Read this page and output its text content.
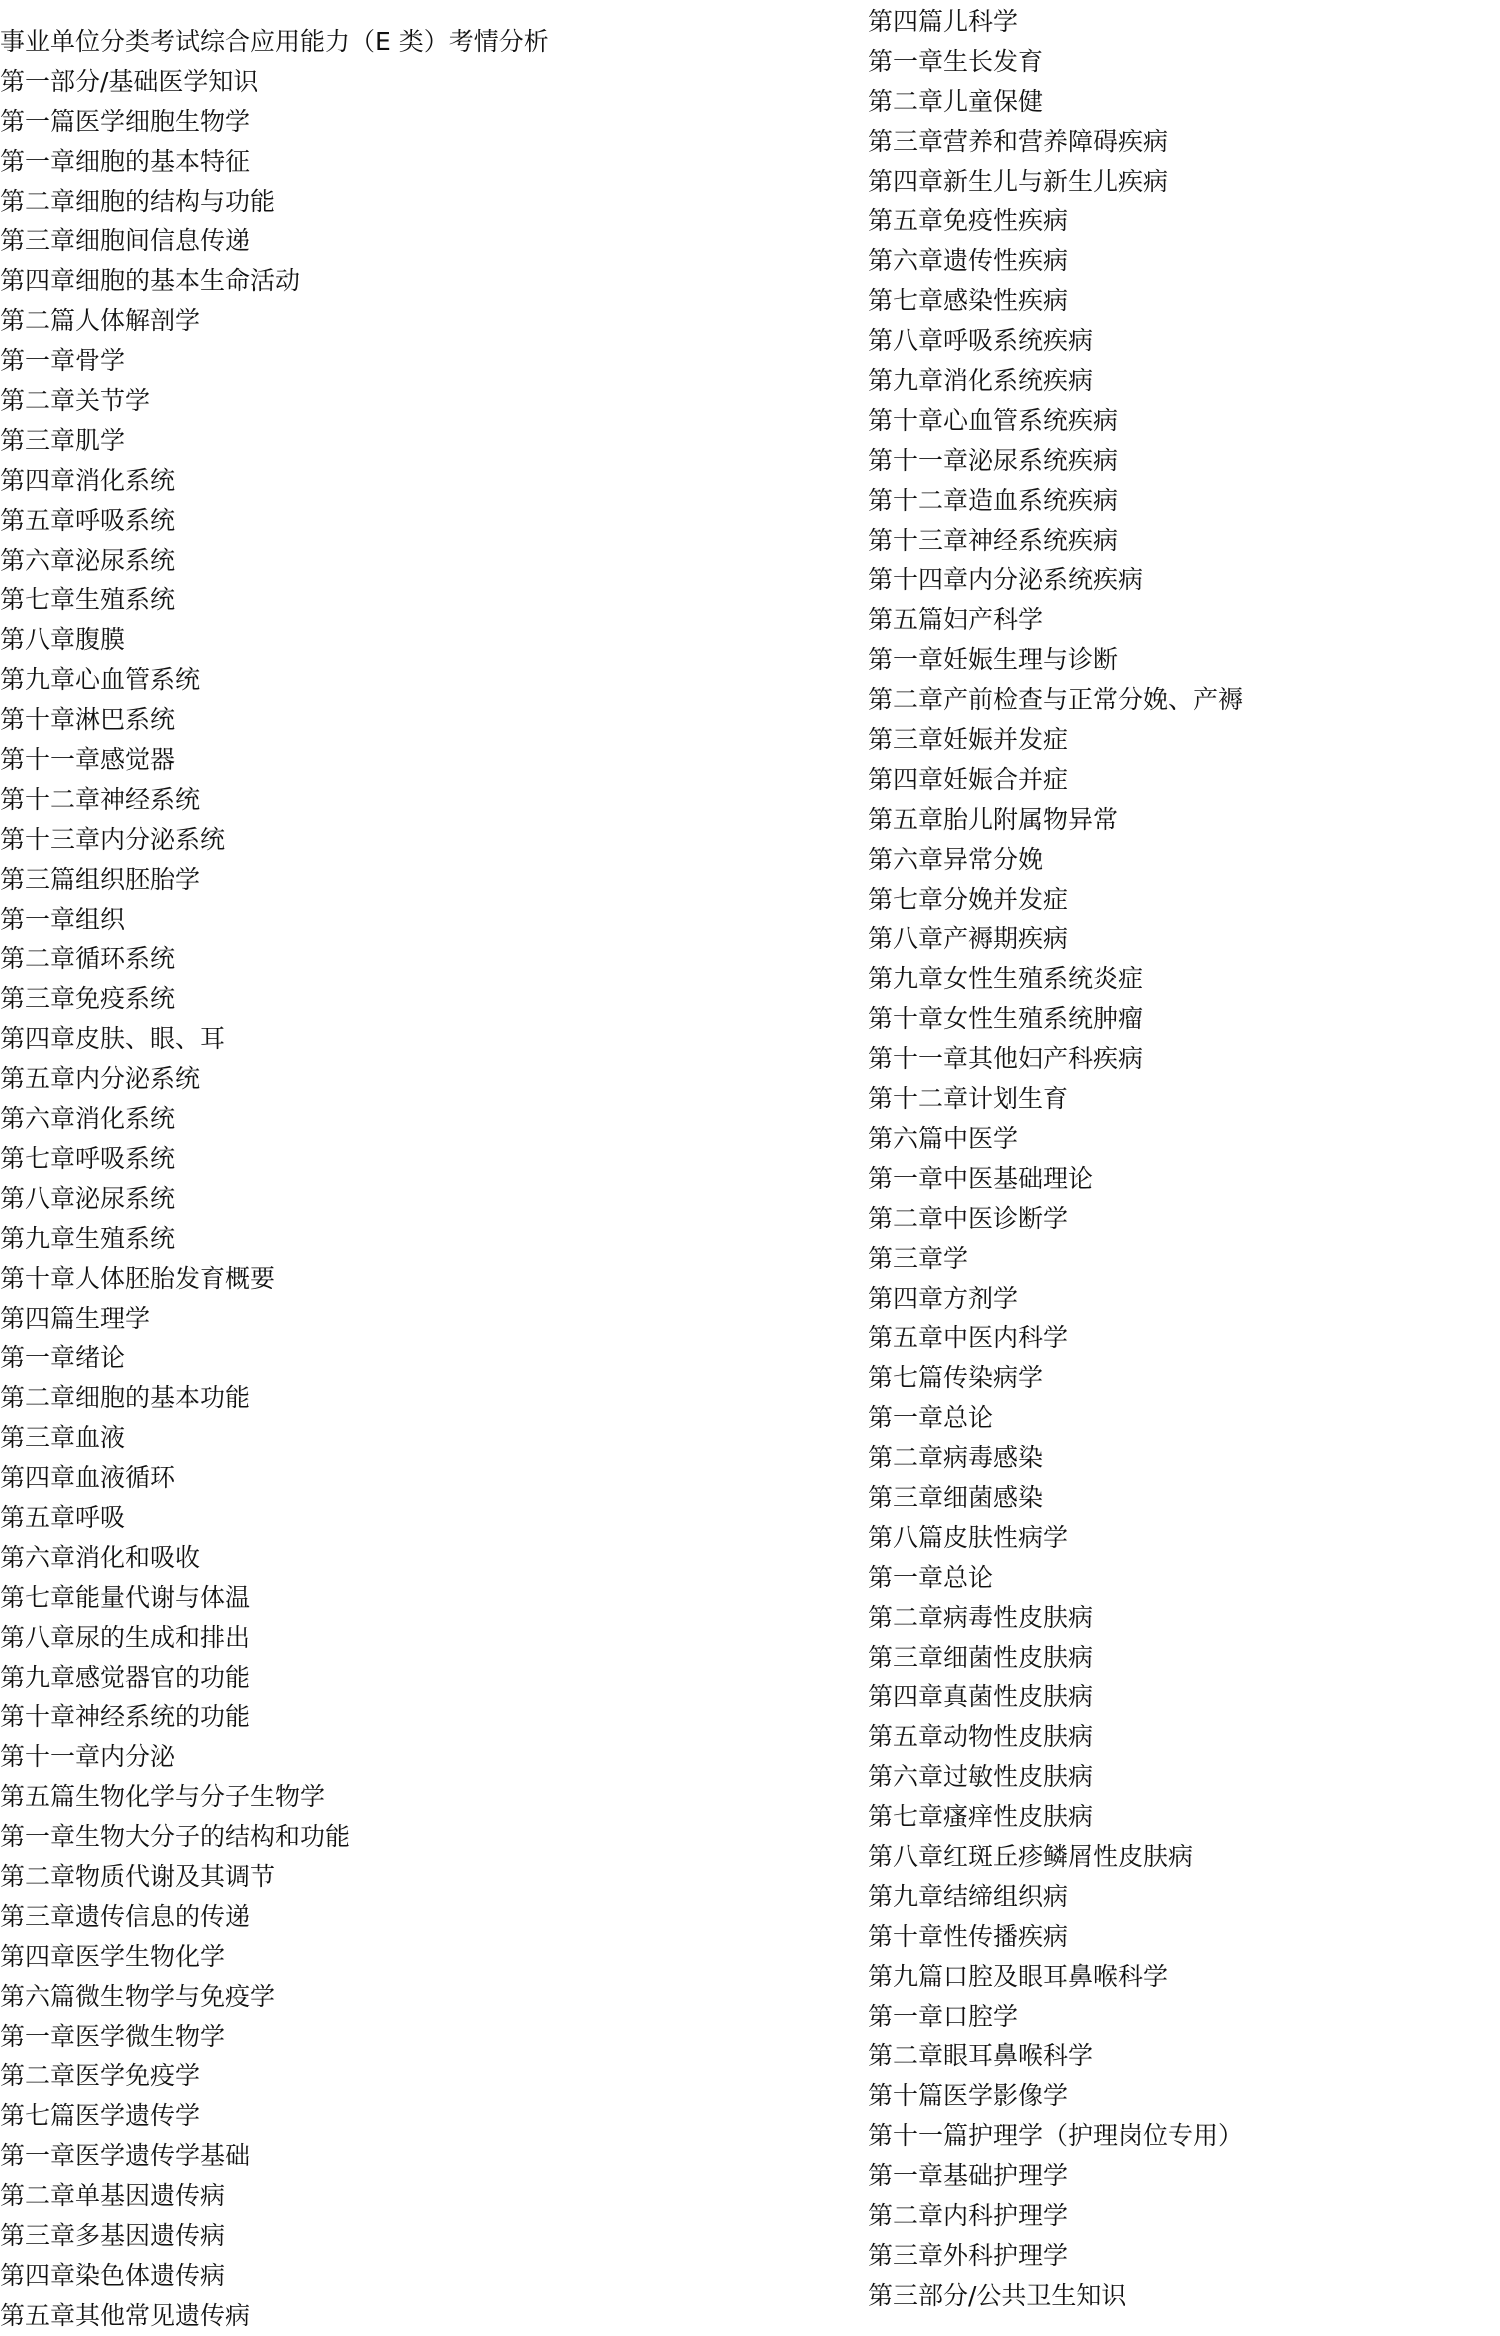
事业单位分类考试综合应用能力（E 类）考情分析
第一部分/基础医学知识
第一篇医学细胞生物学
第一章细胞的基本特征
第二章细胞的结构与功能
第三章细胞间信息传递
第四章细胞的基本生命活动
第二篇人体解剖学
第一章骨学
第二章关节学
第三章肌学
第四章消化系统
第五章呼吸系统
第六章泌尿系统
第七章生殖系统
第八章腹膜
第九章心血管系统
第十章淋巴系统
第十一章感觉器
第十二章神经系统
第十三章内分泌系统
第三篇组织胚胎学
第一章组织
第二章循环系统
第三章免疫系统
第四章皮肤、眼、耳
第五章内分泌系统
第六章消化系统
第七章呼吸系统
第八章泌尿系统
第九章生殖系统
第十章人体胚胎发育概要
第四篇生理学
第一章绪论
第二章细胞的基本功能
第三章血液
第四章血液循环
第五章呼吸
第六章消化和吸收
第七章能量代谢与体温
第八章尿的生成和排出
第九章感觉器官的功能
第十章神经系统的功能
第十一章内分泌
第五篇生物化学与分子生物学
第一章生物大分子的结构和功能
第二章物质代谢及其调节
第三章遗传信息的传递
第四章医学生物化学
第六篇微生物学与免疫学
第一章医学微生物学
第二章医学免疫学
第七篇医学遗传学
第一章医学遗传学基础
第二章单基因遗传病
第三章多基因遗传病
第四章染色体遗传病
第五章其他常见遗传病
第四篇儿科学
第一章生长发育
第二章儿童保健
第三章营养和营养障碍疾病
第四章新生儿与新生儿疾病
第五章免疫性疾病
第六章遗传性疾病
第七章感染性疾病
第八章呼吸系统疾病
第九章消化系统疾病
第十章心血管系统疾病
第十一章泌尿系统疾病
第十二章造血系统疾病
第十三章神经系统疾病
第十四章内分泌系统疾病
第五篇妇产科学
第一章妊娠生理与诊断
第二章产前检查与正常分娩、产褥
第三章妊娠并发症
第四章妊娠合并症
第五章胎儿附属物异常
第六章异常分娩
第七章分娩并发症
第八章产褥期疾病
第九章女性生殖系统炎症
第十章女性生殖系统肿瘤
第十一章其他妇产科疾病
第十二章计划生育
第六篇中医学
第一章中医基础理论
第二章中医诊断学
第三章学
第四章方剂学
第五章中医内科学
第七篇传染病学
第一章总论
第二章病毒感染
第三章细菌感染
第八篇皮肤性病学
第一章总论
第二章病毒性皮肤病
第三章细菌性皮肤病
第四章真菌性皮肤病
第五章动物性皮肤病
第六章过敏性皮肤病
第七章瘙痒性皮肤病
第八章红斑丘疹鳞屑性皮肤病
第九章结缔组织病
第十章性传播疾病
第九篇口腔及眼耳鼻喉科学
第一章口腔学
第二章眼耳鼻喉科学
第十篇医学影像学
第十一篇护理学（护理岗位专用）
第一章基础护理学
第二章内科护理学
第三章外科护理学
第三部分/公共卫生知识
